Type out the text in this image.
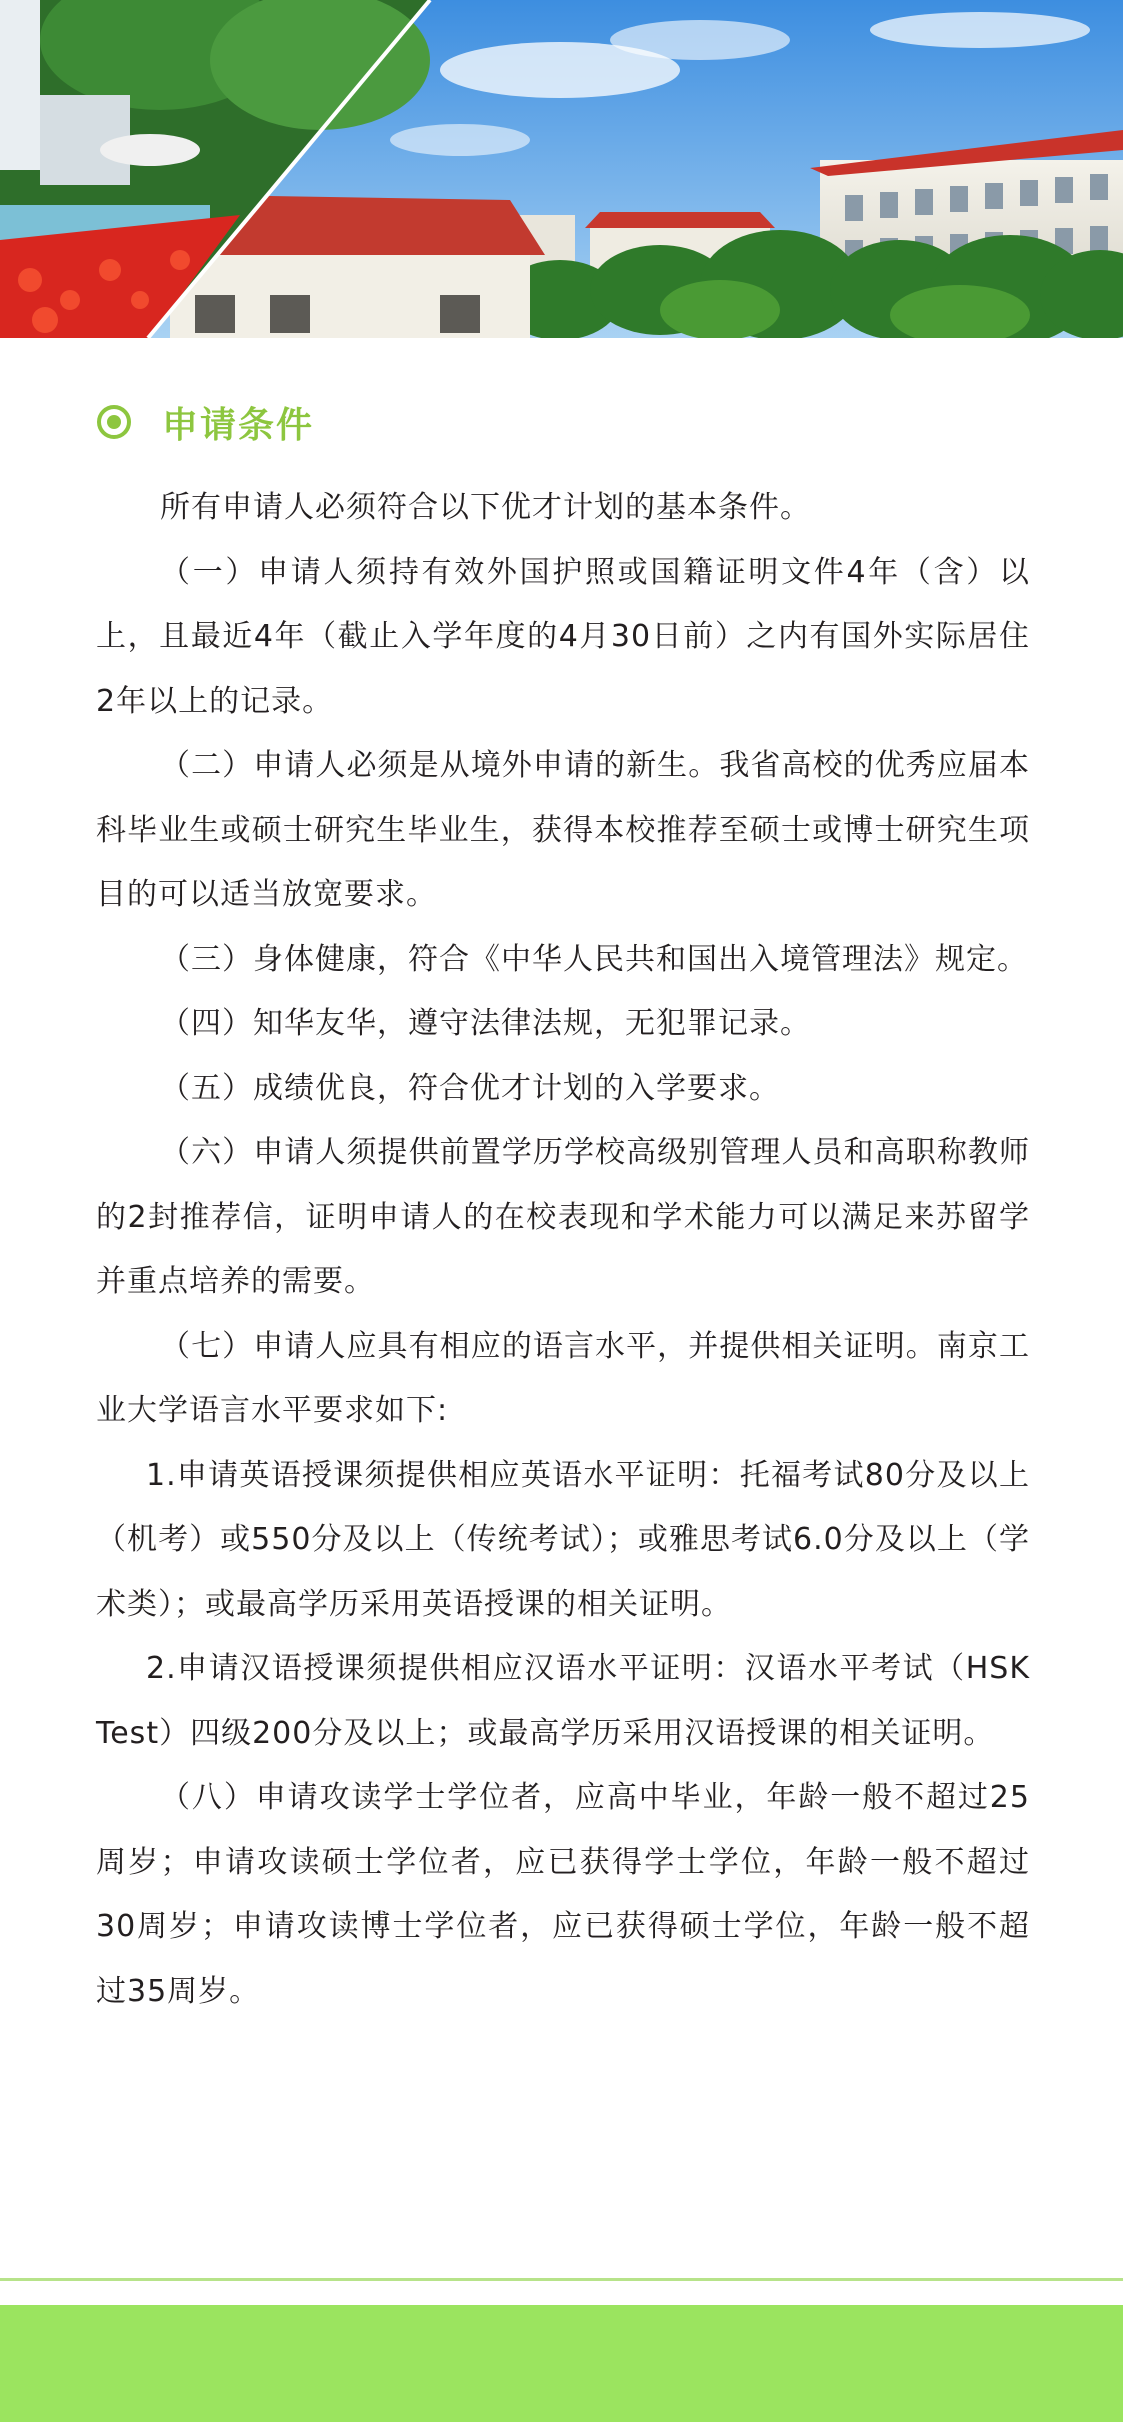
申请条件

所有申请人必须符合以下优才计划的基本条件。

（一）申请人须持有效外国护照或国籍证明文件4年（含）以上，且最近4年（截止入学年度的4月30日前）之内有国外实际居住2年以上的记录。

（二）申请人必须是从境外申请的新生。我省高校的优秀应届本科毕业生或硕士研究生毕业生，获得本校推荐至硕士或博士研究生项目的可以适当放宽要求。

（三）身体健康，符合《中华人民共和国出入境管理法》规定。

（四）知华友华，遵守法律法规，无犯罪记录。

（五）成绩优良，符合优才计划的入学要求。

（六）申请人须提供前置学历学校高级别管理人员和高职称教师的2封推荐信，证明申请人的在校表现和学术能力可以满足来苏留学并重点培养的需要。

（七）申请人应具有相应的语言水平，并提供相关证明。南京工业大学语言水平要求如下:

1.申请英语授课须提供相应英语水平证明：托福考试80分及以上（机考）或550分及以上（传统考试）；或雅思考试6.0分及以上（学术类）；或最高学历采用英语授课的相关证明。

2.申请汉语授课须提供相应汉语水平证明：汉语水平考试（HSK Test）四级200分及以上；或最高学历采用汉语授课的相关证明。

（八）申请攻读学士学位者，应高中毕业，年龄一般不超过25周岁；申请攻读硕士学位者，应已获得学士学位，年龄一般不超过30周岁；申请攻读博士学位者，应已获得硕士学位，年龄一般不超过35周岁。
